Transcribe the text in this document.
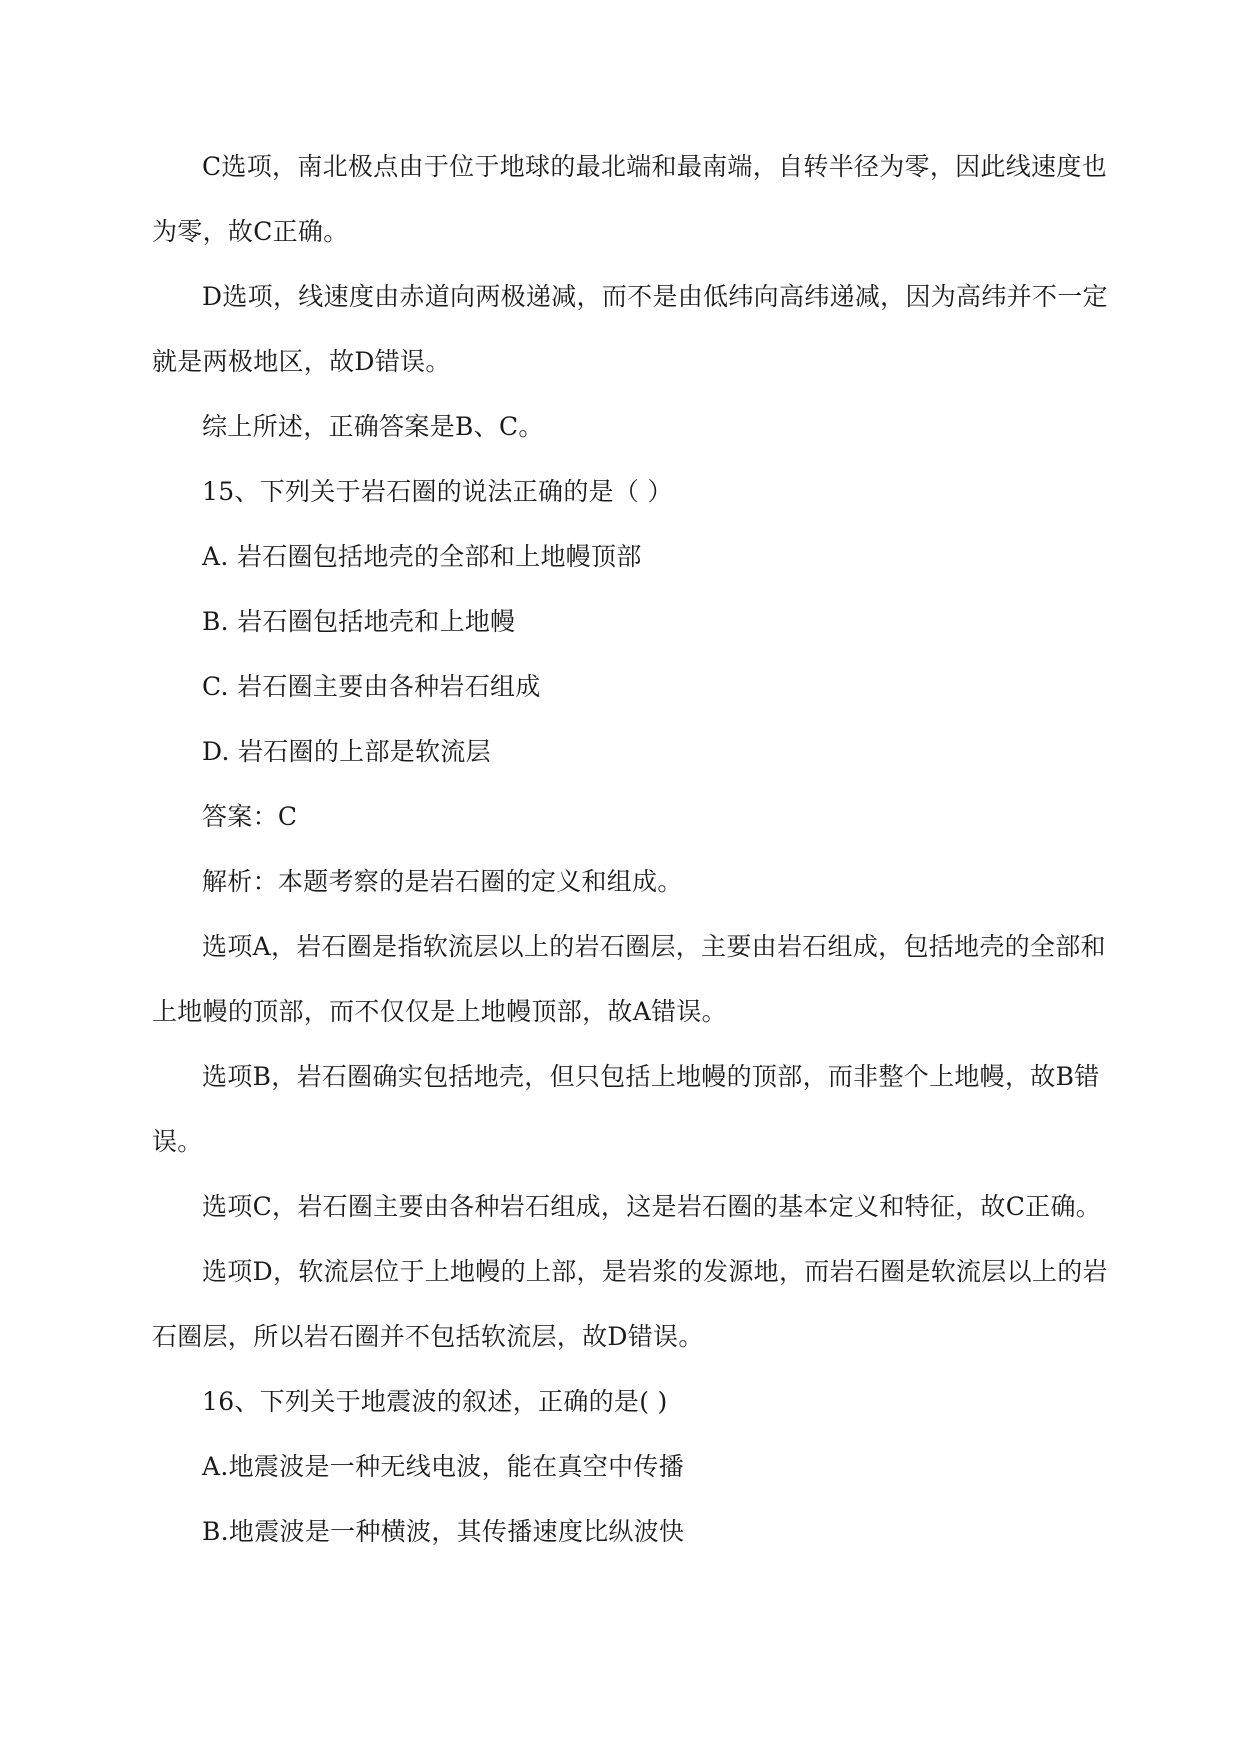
C选项，南北极点由于位于地球的最北端和最南端，自转半径为零，因此线速度也
为零，故C正确。
D选项，线速度由赤道向两极递减，而不是由低纬向高纬递减，因为高纬并不一定
就是两极地区，故D错误。
综上所述，正确答案是B、C。
15、下列关于岩石圈的说法正确的是（ ）
A. 岩石圈包括地壳的全部和上地幔顶部
B. 岩石圈包括地壳和上地幔
C. 岩石圈主要由各种岩石组成
D. 岩石圈的上部是软流层
答案：C
解析：本题考察的是岩石圈的定义和组成。
选项A，岩石圈是指软流层以上的岩石圈层，主要由岩石组成，包括地壳的全部和
上地幔的顶部，而不仅仅是上地幔顶部，故A错误。
选项B，岩石圈确实包括地壳，但只包括上地幔的顶部，而非整个上地幔，故B错
误。
选项C，岩石圈主要由各种岩石组成，这是岩石圈的基本定义和特征，故C正确。
选项D，软流层位于上地幔的上部，是岩浆的发源地，而岩石圈是软流层以上的岩
石圈层，所以岩石圈并不包括软流层，故D错误。
16、下列关于地震波的叙述，正确的是( )
A.地震波是一种无线电波，能在真空中传播
B.地震波是一种横波，其传播速度比纵波快
